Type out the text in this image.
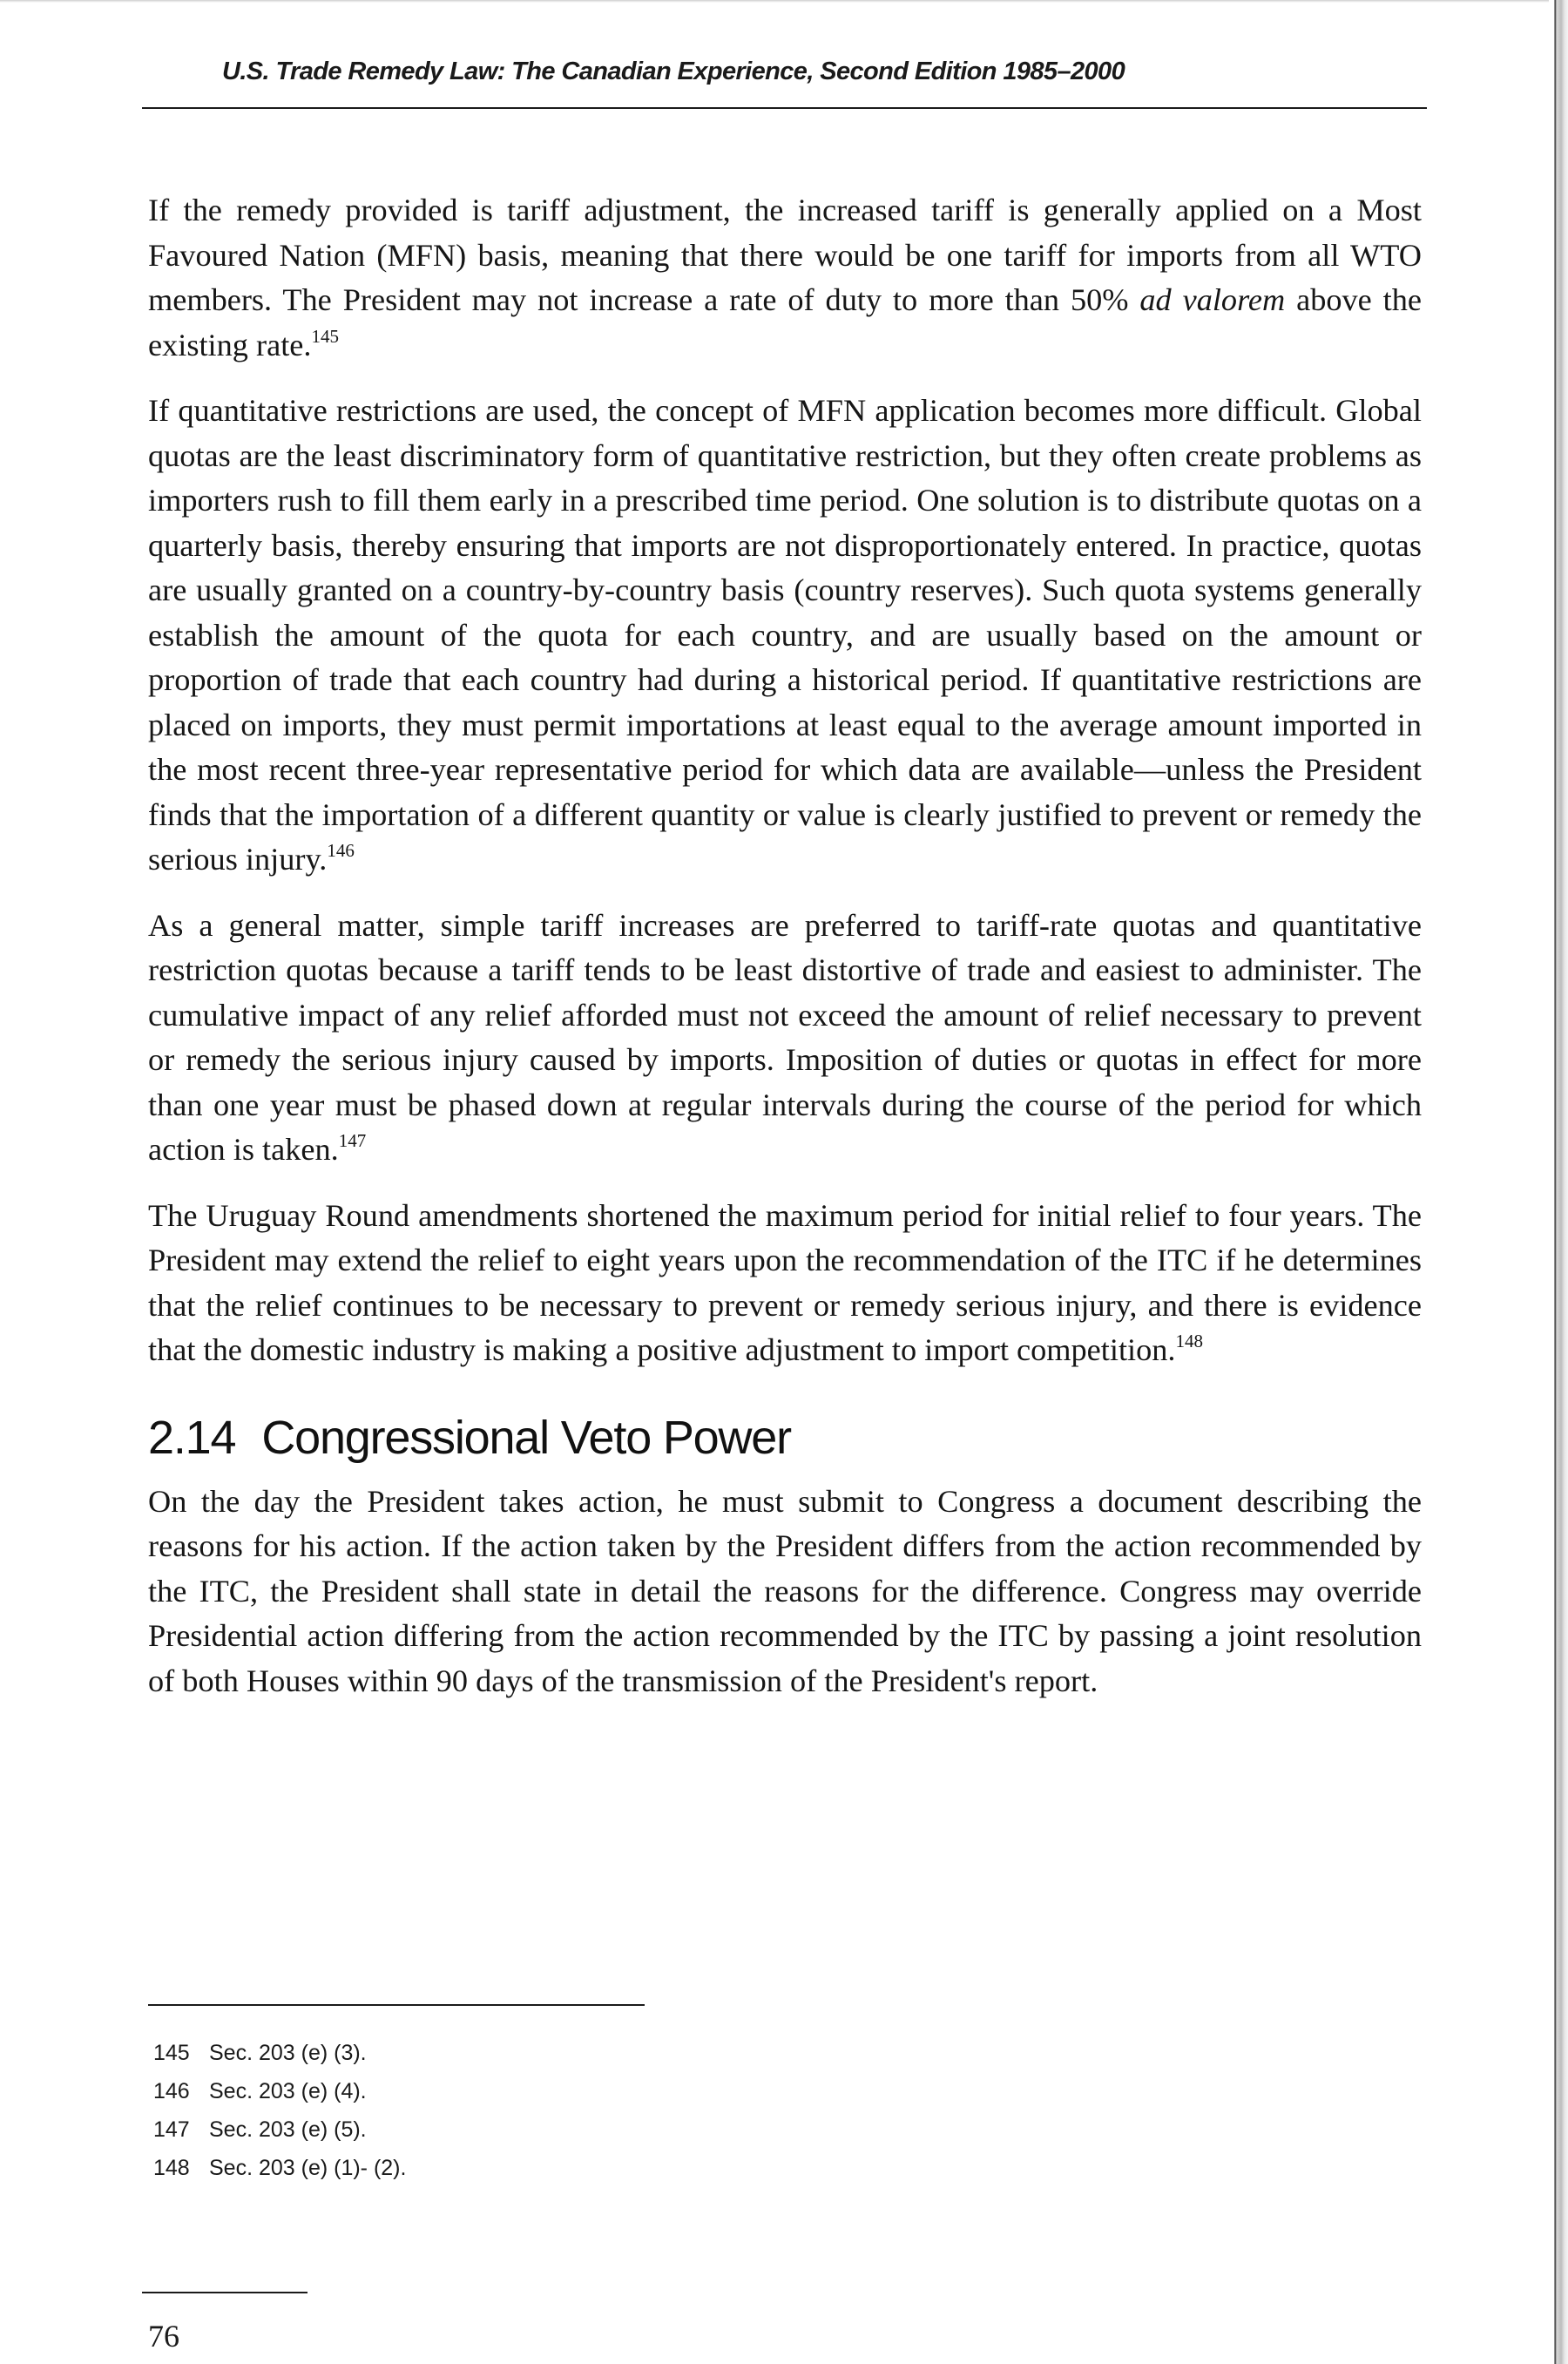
U.S. Trade Remedy Law: The Canadian Experience, Second Edition 1985–2000

If the remedy provided is tariff adjustment, the increased tariff is generally applied on a Most Favoured Nation (MFN) basis, meaning that there would be one tariff for imports from all WTO members. The President may not increase a rate of duty to more than 50% ad valorem above the existing rate.$^{145}$

If quantitative restrictions are used, the concept of MFN application becomes more difficult. Global quotas are the least discriminatory form of quantitative restriction, but they often create problems as importers rush to fill them early in a prescribed time period. One solution is to distribute quotas on a quarterly basis, thereby ensuring that imports are not disproportionately entered. In practice, quotas are usually granted on a country-by-country basis (country reserves). Such quota systems generally establish the amount of the quota for each country, and are usually based on the amount or proportion of trade that each country had during a historical period. If quantitative restrictions are placed on imports, they must permit importations at least equal to the average amount imported in the most recent three-year representative period for which data are available—unless the President finds that the importation of a different quantity or value is clearly justified to prevent or remedy the serious injury.$^{146}$

As a general matter, simple tariff increases are preferred to tariff-rate quotas and quantitative restriction quotas because a tariff tends to be least distortive of trade and easiest to administer. The cumulative impact of any relief afforded must not exceed the amount of relief necessary to prevent or remedy the serious injury caused by imports. Imposition of duties or quotas in effect for more than one year must be phased down at regular intervals during the course of the period for which action is taken.$^{147}$

The Uruguay Round amendments shortened the maximum period for initial relief to four years. The President may extend the relief to eight years upon the recommendation of the ITC if he determines that the relief continues to be necessary to prevent or remedy serious injury, and there is evidence that the domestic industry is making a positive adjustment to import competition.$^{148}$

2.14 Congressional Veto Power

On the day the President takes action, he must submit to Congress a document describing the reasons for his action. If the action taken by the President differs from the action recommended by the ITC, the President shall state in detail the reasons for the difference. Congress may override Presidential action differing from the action recommended by the ITC by passing a joint resolution of both Houses within 90 days of the transmission of the President's report.

145 Sec. 203 (e) (3).
146 Sec. 203 (e) (4).
147 Sec. 203 (e) (5).
148 Sec. 203 (e) (1)- (2).
76
